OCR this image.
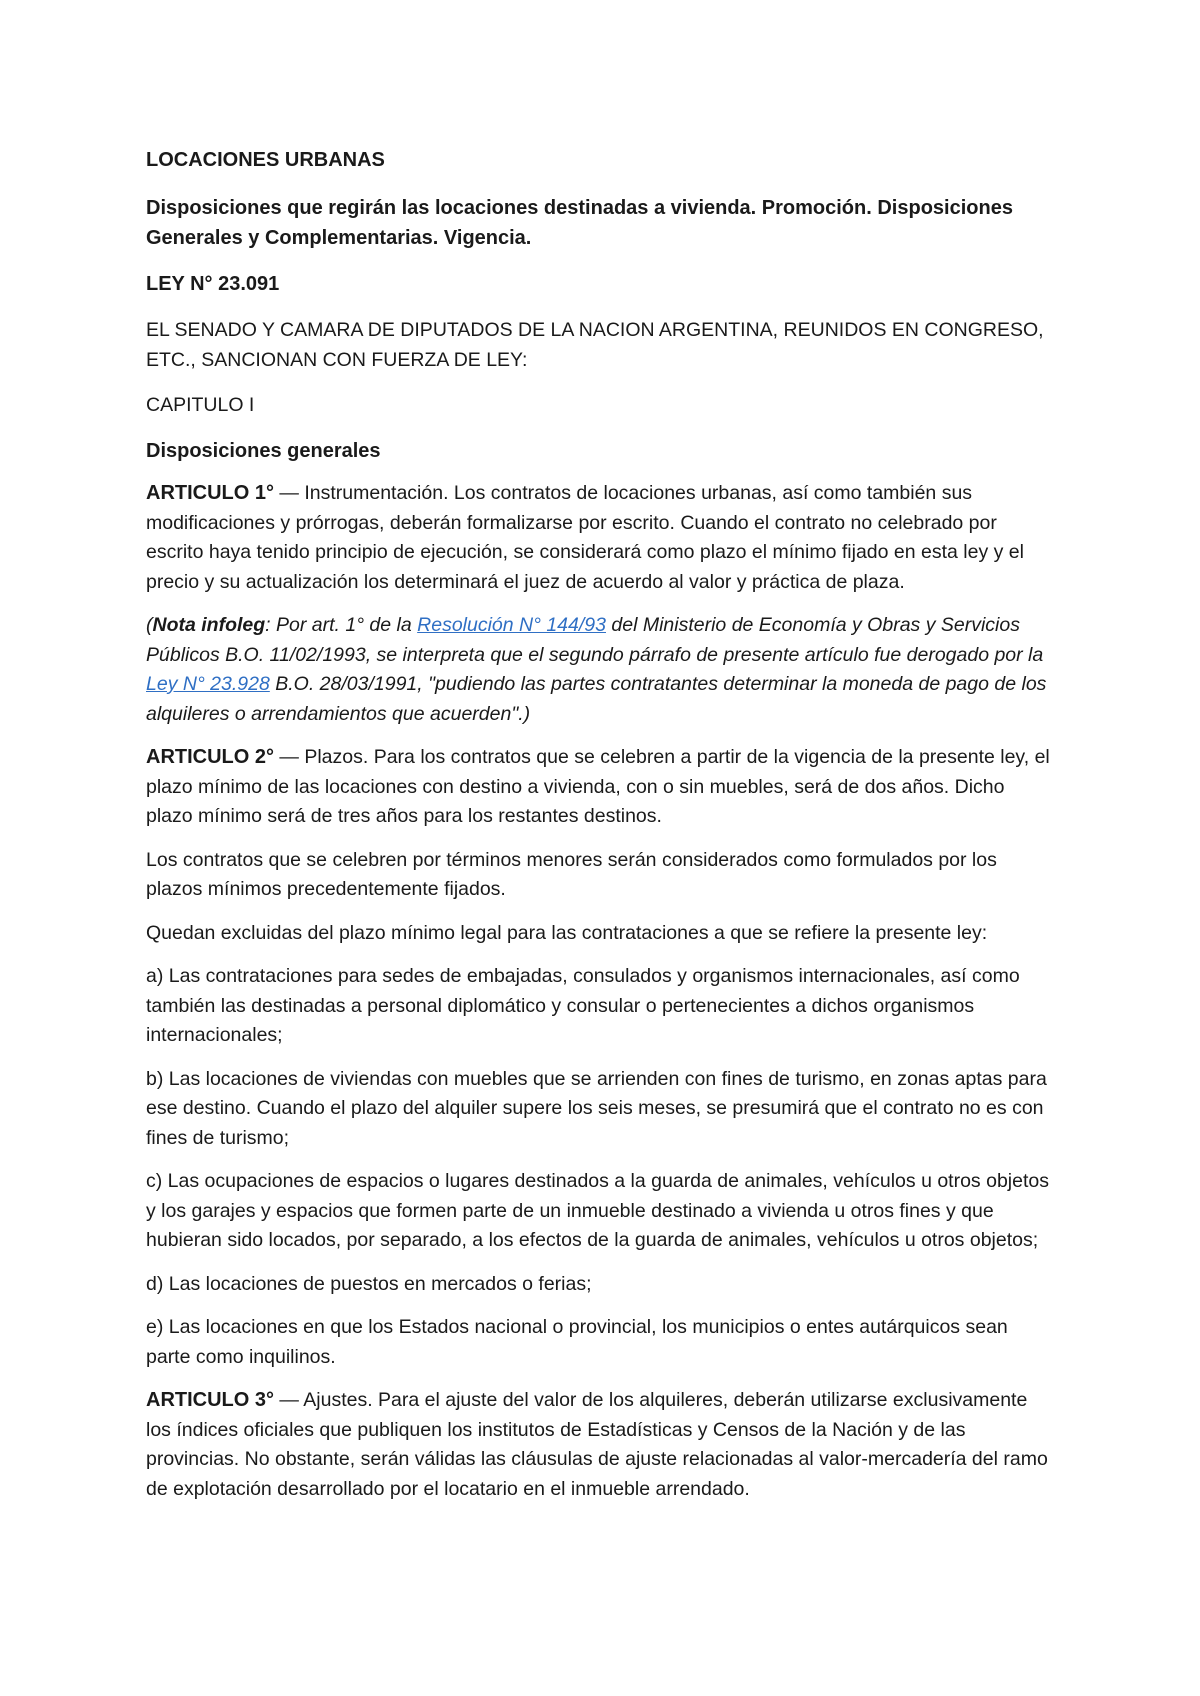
LOCACIONES URBANAS

Disposiciones que regirán las locaciones destinadas a vivienda. Promoción. Disposiciones Generales y Complementarias. Vigencia.

LEY N° 23.091

EL SENADO Y CAMARA DE DIPUTADOS DE LA NACION ARGENTINA, REUNIDOS EN CONGRESO, ETC., SANCIONAN CON FUERZA DE LEY:

CAPITULO I

Disposiciones generales

ARTICULO 1° — Instrumentación. Los contratos de locaciones urbanas, así como también sus modificaciones y prórrogas, deberán formalizarse por escrito. Cuando el contrato no celebrado por escrito haya tenido principio de ejecución, se considerará como plazo el mínimo fijado en esta ley y el precio y su actualización los determinará el juez de acuerdo al valor y práctica de plaza.

(Nota infoleg: Por art. 1° de la Resolución N° 144/93 del Ministerio de Economía y Obras y Servicios Públicos B.O. 11/02/1993, se interpreta que el segundo párrafo de presente artículo fue derogado por la Ley N° 23.928 B.O. 28/03/1991, "pudiendo las partes contratantes determinar la moneda de pago de los alquileres o arrendamientos que acuerden".)

ARTICULO 2° — Plazos. Para los contratos que se celebren a partir de la vigencia de la presente ley, el plazo mínimo de las locaciones con destino a vivienda, con o sin muebles, será de dos años. Dicho plazo mínimo será de tres años para los restantes destinos.

Los contratos que se celebren por términos menores serán considerados como formulados por los plazos mínimos precedentemente fijados.

Quedan excluidas del plazo mínimo legal para las contrataciones a que se refiere la presente ley:

a) Las contrataciones para sedes de embajadas, consulados y organismos internacionales, así como también las destinadas a personal diplomático y consular o pertenecientes a dichos organismos internacionales;

b) Las locaciones de viviendas con muebles que se arrienden con fines de turismo, en zonas aptas para ese destino. Cuando el plazo del alquiler supere los seis meses, se presumirá que el contrato no es con fines de turismo;

c) Las ocupaciones de espacios o lugares destinados a la guarda de animales, vehículos u otros objetos y los garajes y espacios que formen parte de un inmueble destinado a vivienda u otros fines y que hubieran sido locados, por separado, a los efectos de la guarda de animales, vehículos u otros objetos;

d) Las locaciones de puestos en mercados o ferias;

e) Las locaciones en que los Estados nacional o provincial, los municipios o entes autárquicos sean parte como inquilinos.

ARTICULO 3° — Ajustes. Para el ajuste del valor de los alquileres, deberán utilizarse exclusivamente los índices oficiales que publiquen los institutos de Estadísticas y Censos de la Nación y de las provincias. No obstante, serán válidas las cláusulas de ajuste relacionadas al valor-mercadería del ramo de explotación desarrollado por el locatario en el inmueble arrendado.
